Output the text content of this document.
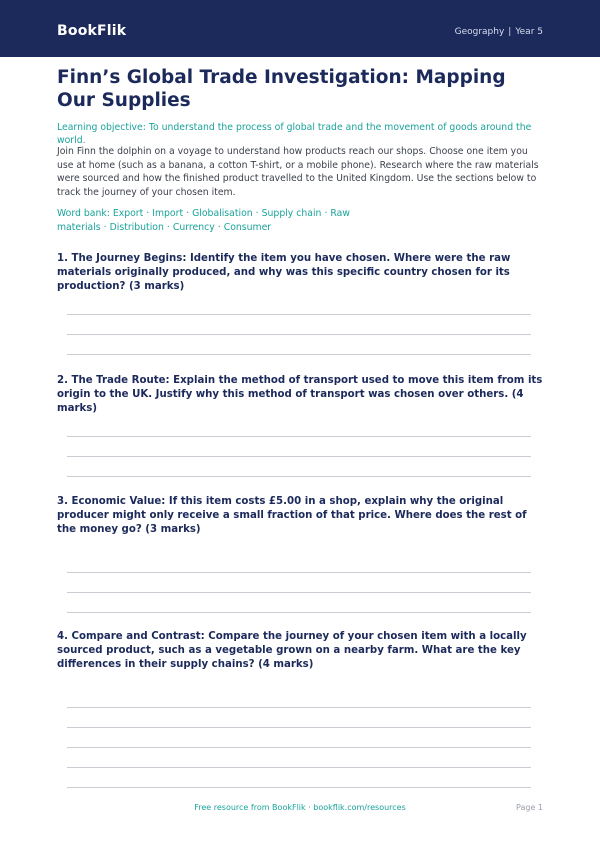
BookFlik	Geography | Year 5
Finn’s Global Trade Investigation: Mapping Our Supplies
Learning objective: To understand the process of global trade and the movement of goods around the world.
Join Finn the dolphin on a voyage to understand how products reach our shops. Choose one item you use at home (such as a banana, a cotton T-shirt, or a mobile phone). Research where the raw materials were sourced and how the finished product travelled to the United Kingdom. Use the sections below to track the journey of your chosen item.
Word bank: Export · Import · Globalisation · Supply chain · Raw materials · Distribution · Currency · Consumer
1. The Journey Begins: Identify the item you have chosen. Where were the raw materials originally produced, and why was this specific country chosen for its production? (3 marks)
2. The Trade Route: Explain the method of transport used to move this item from its origin to the UK. Justify why this method of transport was chosen over others. (4 marks)
3. Economic Value: If this item costs £5.00 in a shop, explain why the original producer might only receive a small fraction of that price. Where does the rest of the money go? (3 marks)
4. Compare and Contrast: Compare the journey of your chosen item with a locally sourced product, such as a vegetable grown on a nearby farm. What are the key differences in their supply chains? (4 marks)
Free resource from BookFlik · bookflik.com/resources	Page 1
